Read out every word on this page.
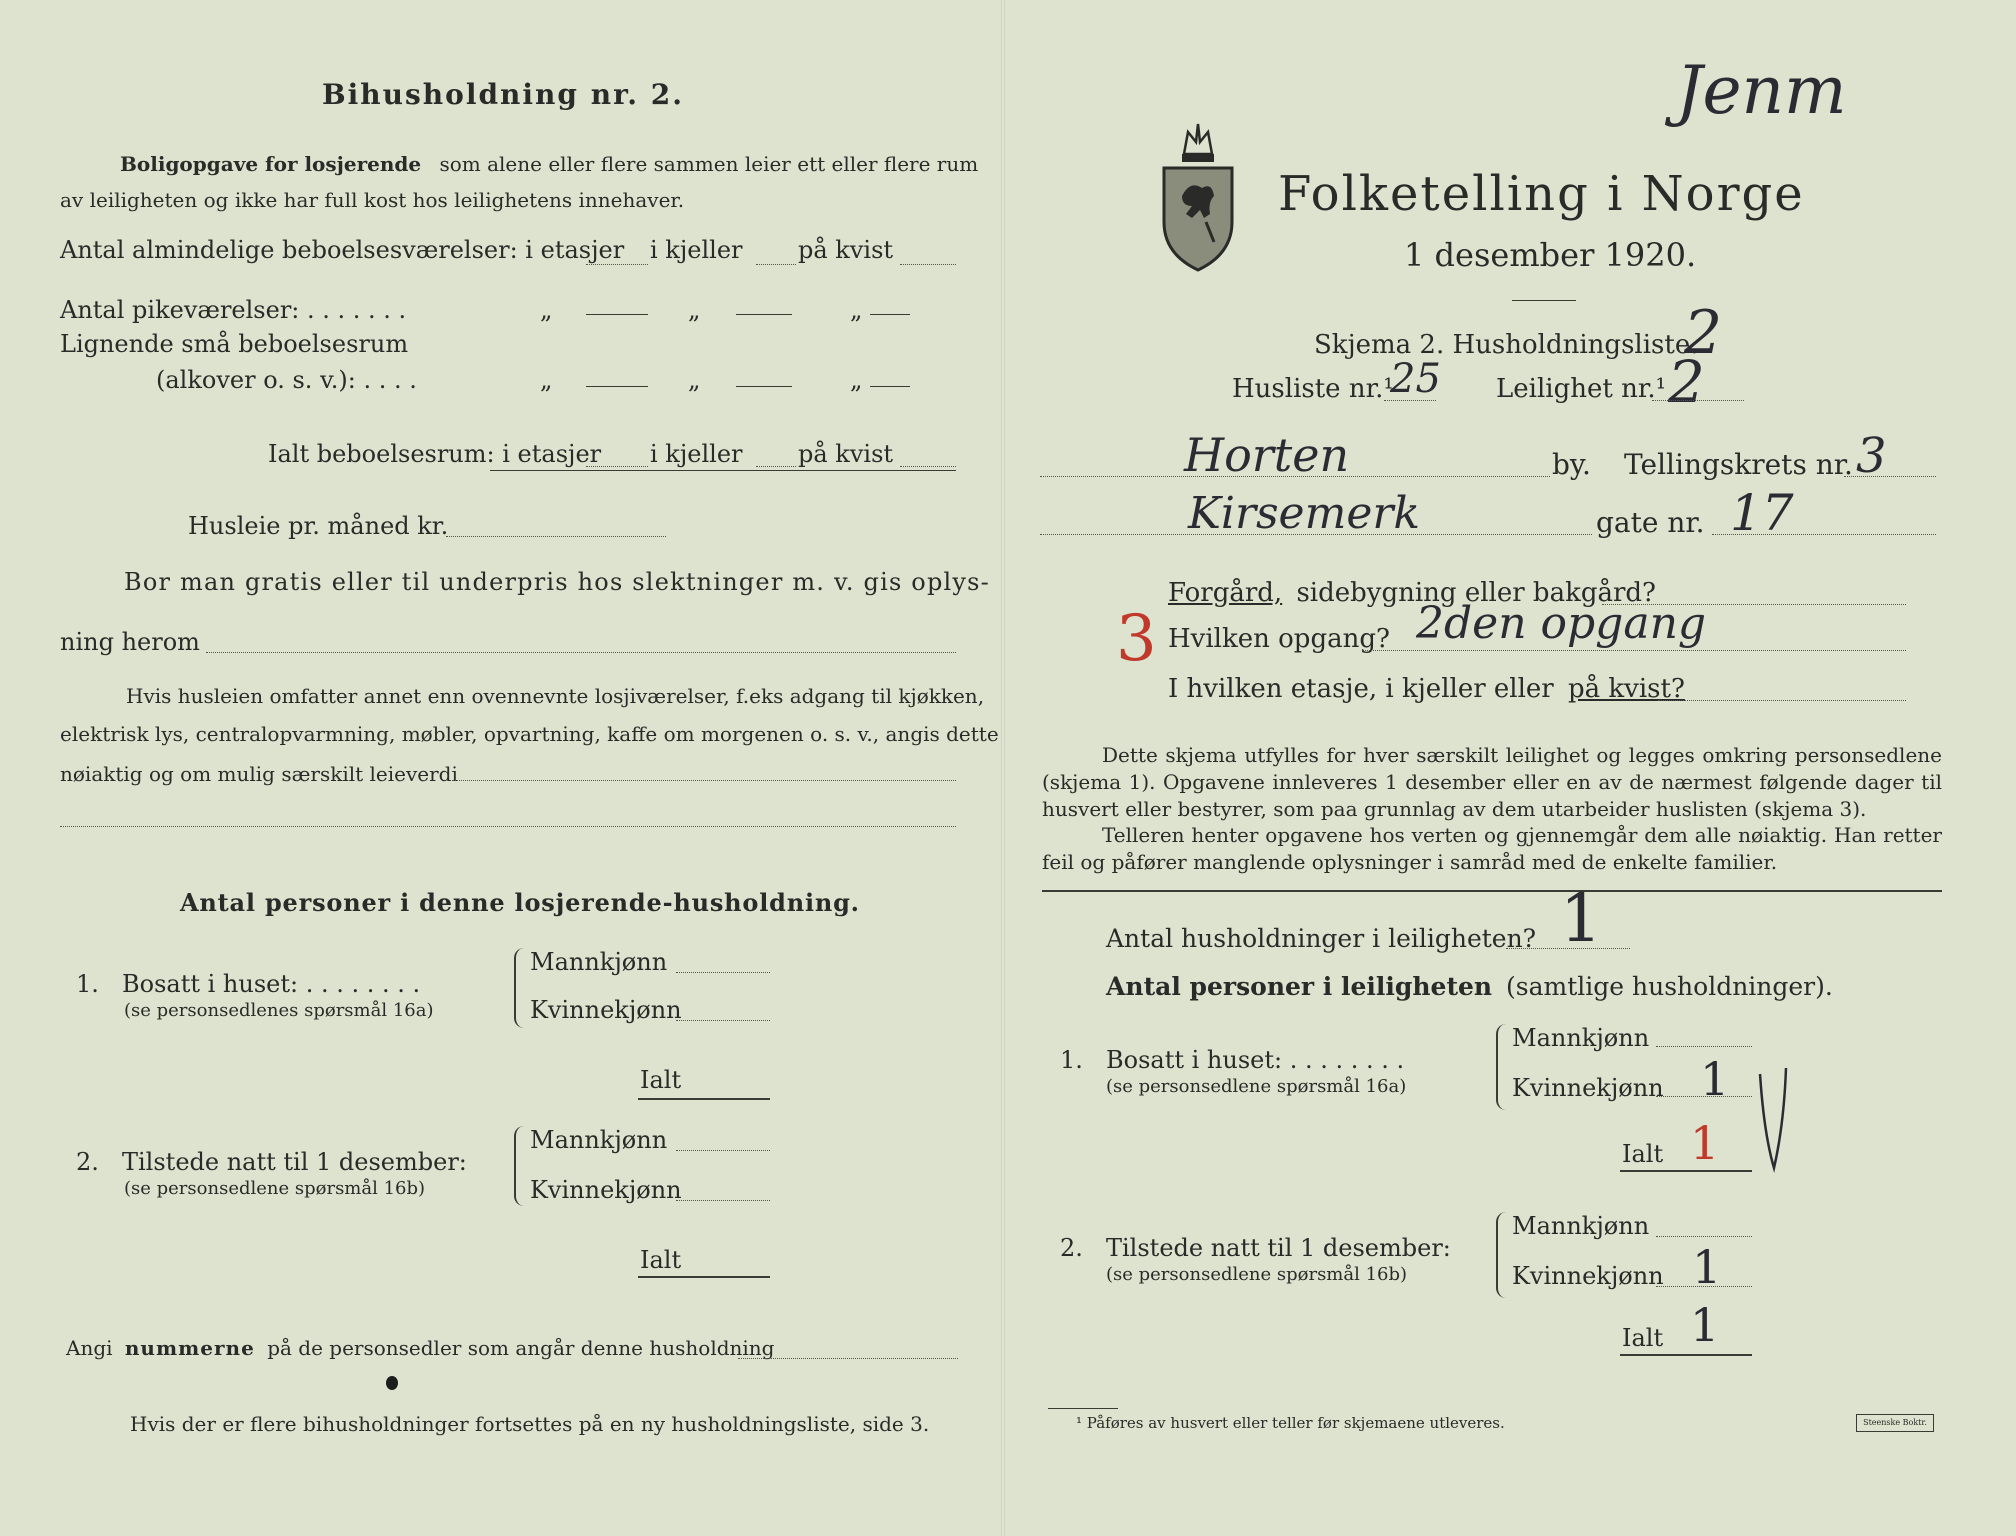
Bihusholdning nr. 2.
Boligopgave for losjerende som alene eller flere sammen leier ett eller flere rum
av leiligheten og ikke har full kost hos leilighetens innehaver.
Antal almindelige beboelsesværelser: i etasjer i kjeller på kvist
Antal pikeværelser: . . . . . . .	„	„	„
Lignende små beboelsesrum
(alkover o. s. v.): . . . .	„	„	„
Ialt beboelsesrum: i etasjer i kjeller på kvist
Husleie pr. måned kr.
Bor man gratis eller til underpris hos slektninger m. v. gis oplys-
ning herom
Hvis husleien omfatter annet enn ovennevnte losjiværelser, f.eks adgang til kjøkken,
elektrisk lys, centralopvarmning, møbler, opvartning, kaffe om morgenen o. s. v., angis dette
nøiaktig og om mulig særskilt leieverdi
Antal personer i denne losjerende-husholdning.
1. Bosatt i huset: . . . . . . . .
(se personsedlenes spørsmål 16a)
Mannkjønn
Kvinnekjønn
Ialt
2. Tilstede natt til 1 desember:
(se personsedlene spørsmål 16b)
Mannkjønn
Kvinnekjønn
Ialt
Angi nummerne på de personsedler som angår denne husholdning
Hvis der er flere bihusholdninger fortsettes på en ny husholdningsliste, side 3.
Jenm
Folketelling i Norge
1 desember 1920.
Skjema 2. Husholdningsliste.
2
Husliste nr.¹
25 Leilighet nr.¹ 2
Horten	by. Tellingskrets nr. 3
Kirsemerk	gate nr. 17
Forgård, sidebygning eller bakgård?
3 Hvilken opgang? 2den opgang
I hvilken etasje, i kjeller eller på kvist?
Dette skjema utfylles for hver særskilt leilighet og legges omkring personsedlene (skjema 1). Opgavene innleveres 1 desember eller en av de nærmest følgende dager til husvert eller bestyrer, som paa grunnlag av dem utarbeider huslisten (skjema 3).
Telleren henter opgavene hos verten og gjennemgår dem alle nøiaktig. Han retter feil og påfører manglende oplysninger i samråd med de enkelte familier.
Antal husholdninger i leiligheten? 1
Antal personer i leiligheten (samtlige husholdninger).
1. Bosatt i huset: . . . . . . . .
(se personsedlene spørsmål 16a)
Mannkjønn
Kvinnekjønn 1
Ialt 1
2. Tilstede natt til 1 desember:
(se personsedlene spørsmål 16b)
Mannkjønn
Kvinnekjønn 1
Ialt 1
¹ Påføres av husvert eller teller før skjemaene utleveres.	Steenske Boktr.
